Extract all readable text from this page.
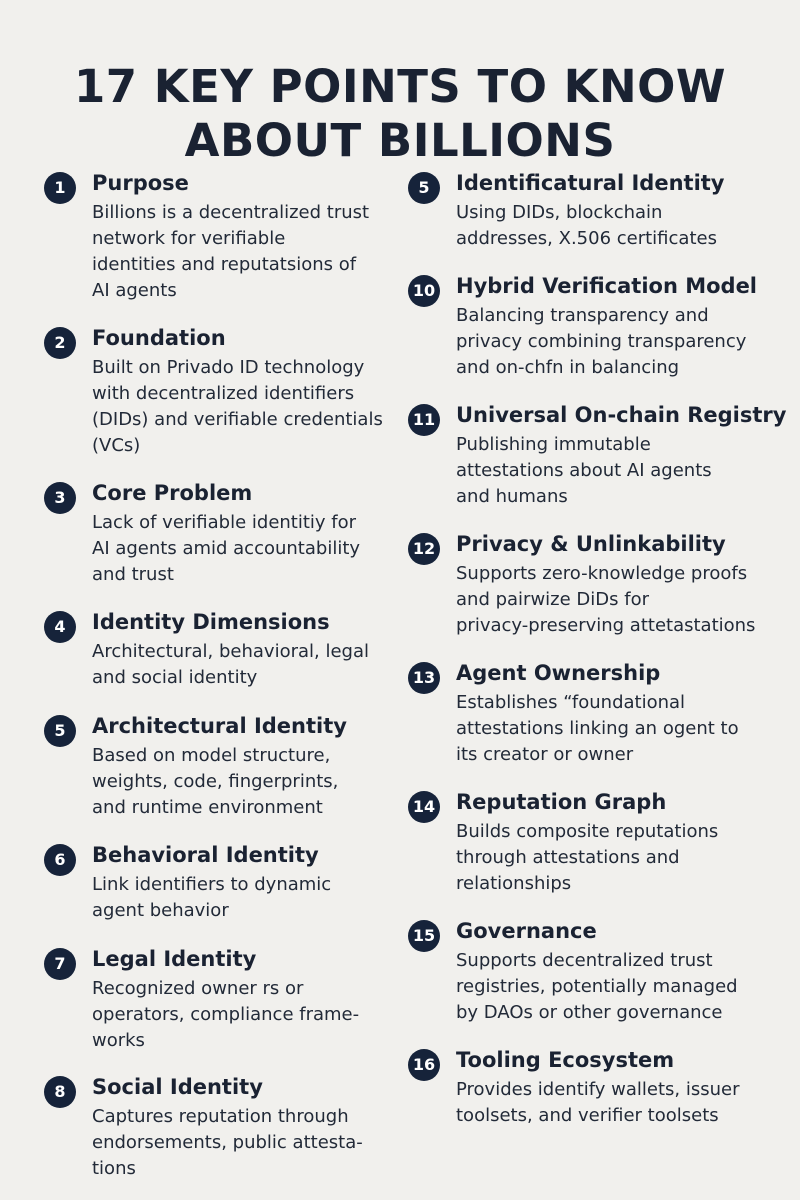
17 KEY POINTS TO KNOW
ABOUT BILLIONS
1	Purpose
Billions is a decentralized trust
network for verifiable
identities and reputatsions of
AI agents
2	Foundation
Built on Privado ID technology
with decentralized identifiers
(DIDs) and verifiable credentials
(VCs)
3	Core Problem
Lack of verifiable identitiy for
AI agents amid accountability
and trust
4	Identity Dimensions
Architectural, behavioral, legal
and social identity
5	Architectural Identity
Based on model structure,
weights, code, fingerprints,
and runtime environment
6	Behavioral Identity
Link identifiers to dynamic
agent behavior
7	Legal Identity
Recognized owner rs or
operators, compliance frame-
works
8	Social Identity
Captures reputation through
endorsements, public attesta-
tions
5	Identificatural Identity
Using DIDs, blockchain
addresses, X.506 certificates
10 Hybrid Verification Model
Balancing transparency and
privacy combining transparency
and on-chfn in balancing
11 Universal On-chain Registry
Publishing immutable
attestations about AI agents
and humans
12 Privacy & Unlinkability
Supports zero-knowledge proofs
and pairwize DiDs for
privacy-preserving attetastations
13 Agent Ownership
Establishes “foundational
attestations linking an ogent to
its creator or owner
14 Reputation Graph
Builds composite reputations
through attestations and
relationships
15 Governance
Supports decentralized trust
registries, potentially managed
by DAOs or other governance
16 Tooling Ecosystem
Provides identify wallets, issuer
toolsets, and verifier toolsets
